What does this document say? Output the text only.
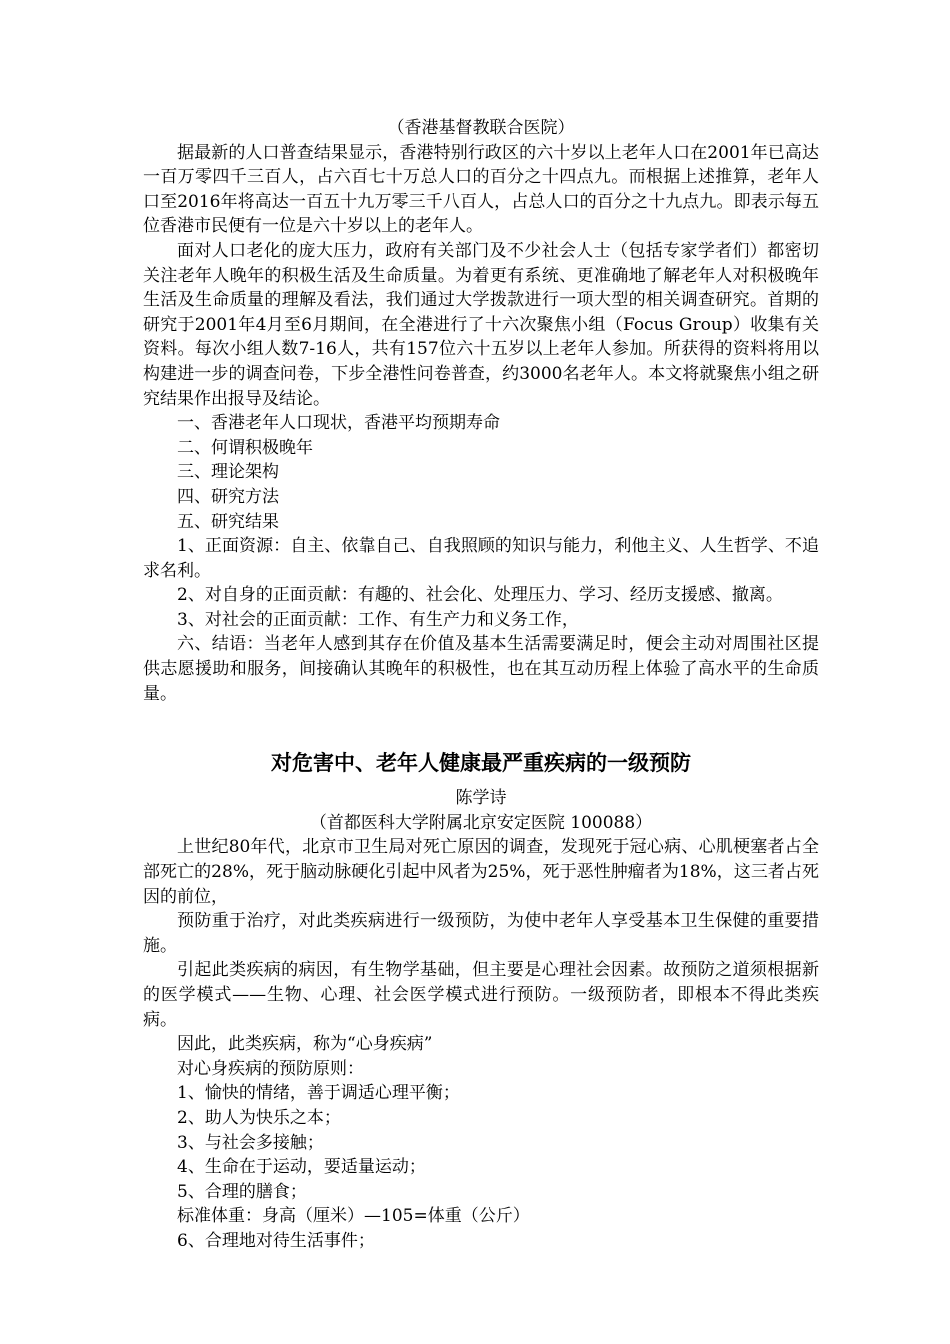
（香港基督教联合医院）

据最新的人口普查结果显示，香港特别行政区的六十岁以上老年人口在2001年已高达一百万零四千三百人，占六百七十万总人口的百分之十四点九。而根据上述推算，老年人口至2016年将高达一百五十九万零三千八百人，占总人口的百分之十九点九。即表示每五位香港市民便有一位是六十岁以上的老年人。

面对人口老化的庞大压力，政府有关部门及不少社会人士（包括专家学者们）都密切关注老年人晚年的积极生活及生命质量。为着更有系统、更准确地了解老年人对积极晚年生活及生命质量的理解及看法，我们通过大学拨款进行一项大型的相关调查研究。首期的研究于2001年4月至6月期间，在全港进行了十六次聚焦小组（Focus Group）收集有关资料。每次小组人数7-16人，共有157位六十五岁以上老年人参加。所获得的资料将用以构建进一步的调查问卷，下步全港性问卷普查，约3000名老年人。本文将就聚焦小组之研究结果作出报导及结论。

一、香港老年人口现状，香港平均预期寿命

二、何谓积极晚年

三、理论架构

四、研究方法

五、研究结果

1、正面资源：自主、依靠自己、自我照顾的知识与能力，利他主义、人生哲学、不追求名利。

2、对自身的正面贡献：有趣的、社会化、处理压力、学习、经历支援感、撤离。

3、对社会的正面贡献：工作、有生产力和义务工作，

六、结语：当老年人感到其存在价值及基本生活需要满足时，便会主动对周围社区提供志愿援助和服务，间接确认其晚年的积极性，也在其互动历程上体验了高水平的生命质量。

对危害中、老年人健康最严重疾病的一级预防
陈学诗
（首都医科大学附属北京安定医院 100088）

上世纪80年代，北京市卫生局对死亡原因的调查，发现死于冠心病、心肌梗塞者占全部死亡的28%，死于脑动脉硬化引起中风者为25%，死于恶性肿瘤者为18%，这三者占死因的前位，

预防重于治疗，对此类疾病进行一级预防，为使中老年人享受基本卫生保健的重要措施。

引起此类疾病的病因，有生物学基础，但主要是心理社会因素。故预防之道须根据新的医学模式——生物、心理、社会医学模式进行预防。一级预防者，即根本不得此类疾病。

因此，此类疾病，称为“心身疾病”

对心身疾病的预防原则：

1、愉快的情绪，善于调适心理平衡；

2、助人为快乐之本；

3、与社会多接触；

4、生命在于运动，要适量运动；

5、合理的膳食；

标准体重：身高（厘米）—105=体重（公斤）

6、合理地对待生活事件；
